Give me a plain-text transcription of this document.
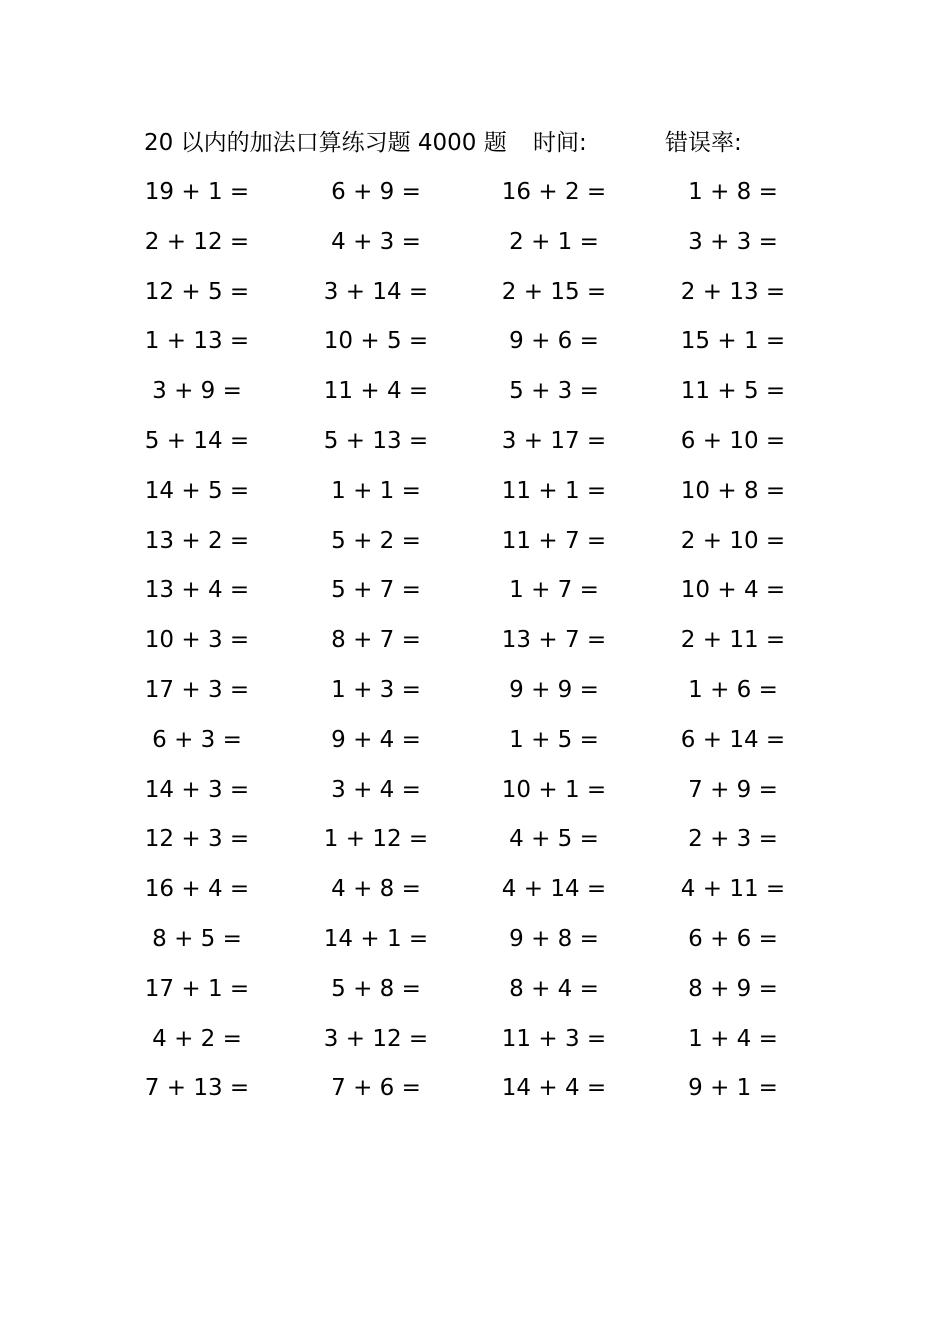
20 以内的加法口算练习题 4000 题 时间:	错误率:
19 + 1 =	6 + 9 =	16 + 2 =	1 + 8 =
2 + 12 =	4 + 3 =	2 + 1 =	3 + 3 =
12 + 5 =	3 + 14 =	2 + 15 =	2 + 13 =
1 + 13 =	10 + 5 =	9 + 6 =	15 + 1 =
3 + 9 =	11 + 4 =	5 + 3 =	11 + 5 =
5 + 14 =	5 + 13 =	3 + 17 =	6 + 10 =
14 + 5 =	1 + 1 =	11 + 1 =	10 + 8 =
13 + 2 =	5 + 2 =	11 + 7 =	2 + 10 =
13 + 4 =	5 + 7 =	1 + 7 =	10 + 4 =
10 + 3 =	8 + 7 =	13 + 7 =	2 + 11 =
17 + 3 =	1 + 3 =	9 + 9 =	1 + 6 =
6 + 3 =	9 + 4 =	1 + 5 =	6 + 14 =
14 + 3 =	3 + 4 =	10 + 1 =	7 + 9 =
12 + 3 =	1 + 12 =	4 + 5 =	2 + 3 =
16 + 4 =	4 + 8 =	4 + 14 =	4 + 11 =
8 + 5 =	14 + 1 =	9 + 8 =	6 + 6 =
17 + 1 =	5 + 8 =	8 + 4 =	8 + 9 =
4 + 2 =	3 + 12 =	11 + 3 =	1 + 4 =
7 + 13 =	7 + 6 =	14 + 4 =	9 + 1 =
